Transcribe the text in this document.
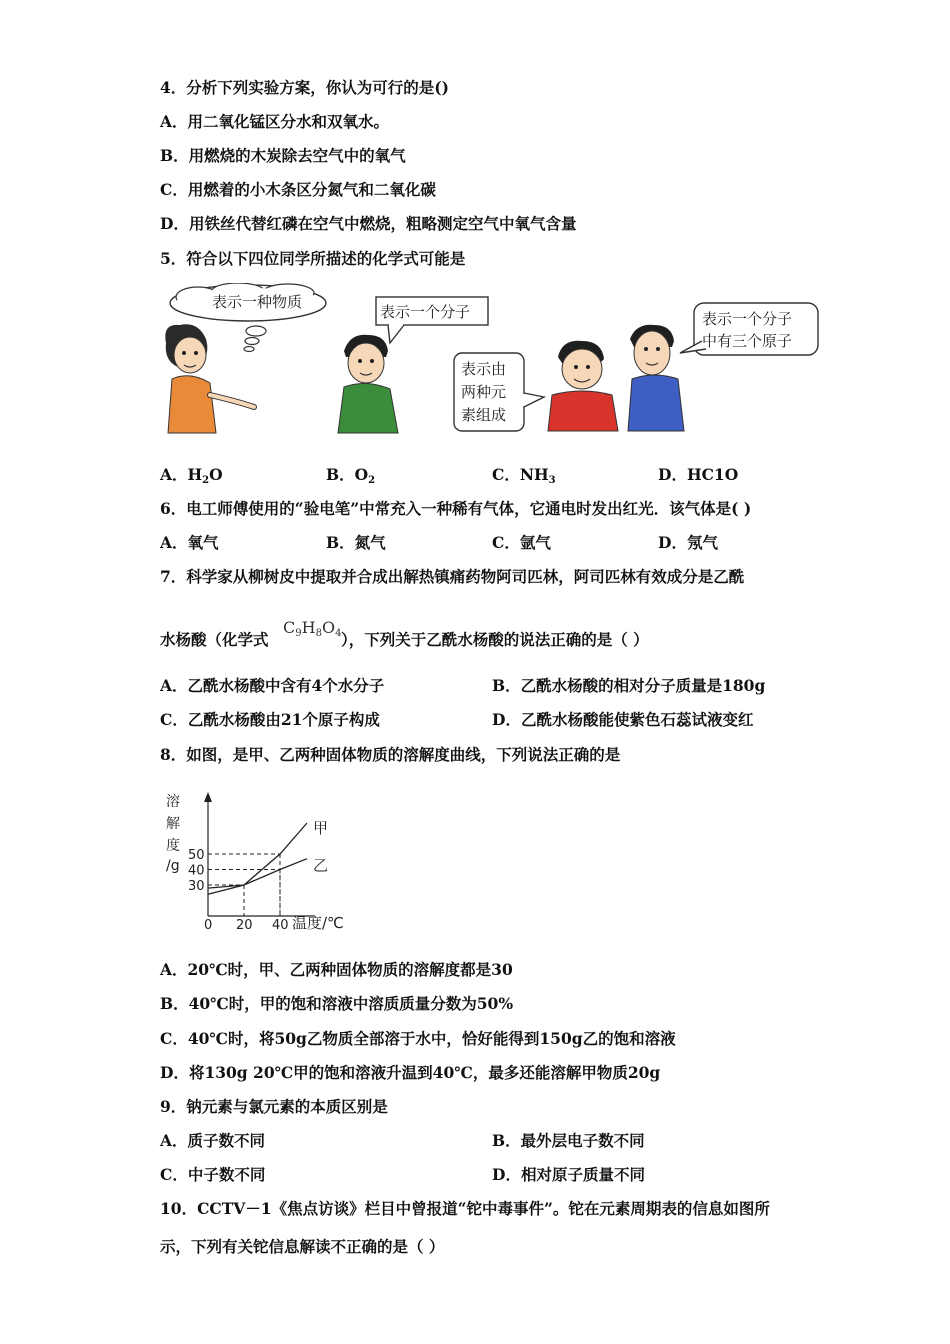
4．分析下列实验方案，你认为可行的是()
A．用二氧化锰区分水和双氧水。
B．用燃烧的木炭除去空气中的氧气
C．用燃着的小木条区分氮气和二氧化碳
D．用铁丝代替红磷在空气中燃烧，粗略测定空气中氧气含量
5．符合以下四位同学所描述的化学式可能是
表示一种物质
表示一个分子
表示由
两种元
素组成
表示一个分子
中有三个原子
A．$H_2O$	B．$O_2$	C．$NH_3$	D．HC1O
6．电工师傅使用的“验电笔”中常充入一种稀有气体，它通电时发出红光．该气体是( )
A．氧气	B．氮气	C．氩气	D．氖气
7．科学家从柳树皮中提取并合成出解热镇痛药物阿司匹林，阿司匹林有效成分是乙酰
水杨酸（化学式
$C_9H_8O_4$ ），下列关于乙酰水杨酸的说法正确的是（ ）
A．乙酰水杨酸中含有4个水分子	B．乙酰水杨酸的相对分子质量是180g
C．乙酰水杨酸由21个原子构成	D．乙酰水杨酸能使紫色石蕊试液变红
8．如图，是甲、乙两种固体物质的溶解度曲线，下列说法正确的是
溶
解
度
/g
0 20 40
30
40
50
甲
乙
温度/℃
A．20℃时，甲、乙两种固体物质的溶解度都是30
B．40℃时，甲的饱和溶液中溶质质量分数为50%
C．40℃时，将50g乙物质全部溶于水中，恰好能得到150g乙的饱和溶液
D．将130g 20℃甲的饱和溶液升温到40℃，最多还能溶解甲物质20g
9．钠元素与氯元素的本质区别是
A．质子数不同	B．最外层电子数不同
C．中子数不同	D．相对原子质量不同
10．CCTV－1《焦点访谈》栏目中曾报道“铊中毒事件”。铊在元素周期表的信息如图所
示，下列有关铊信息解读不正确的是（ ）
